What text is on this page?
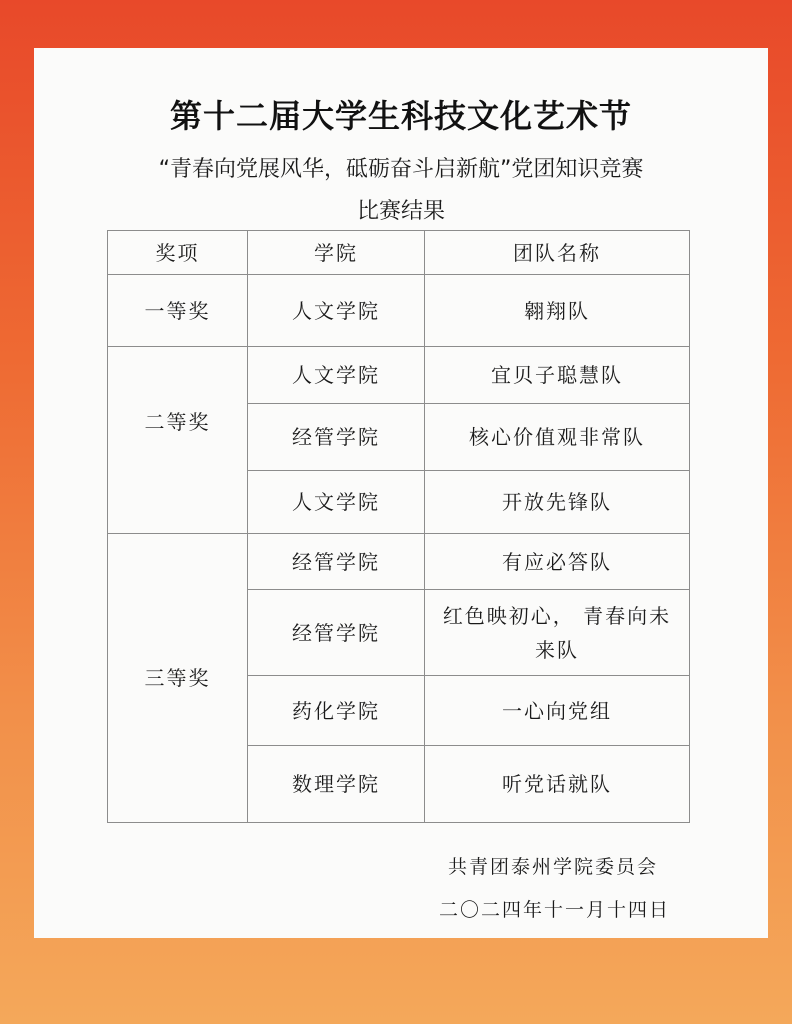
第十二届大学生科技文化艺术节

“青春向党展风华，砥砺奋斗启新航”党团知识竞赛

比赛结果

奖项	学院	团队名称
一等奖	人文学院	翱翔队
二等奖	人文学院	宜贝子聪慧队
	经管学院	核心价值观非常队
	人文学院	开放先锋队
三等奖	经管学院	有应必答队
	经管学院	红色映初心， 青春向未来队
	药化学院	一心向党组
	数理学院	听党话就队
共青团泰州学院委员会
二〇二四年十一月十四日
